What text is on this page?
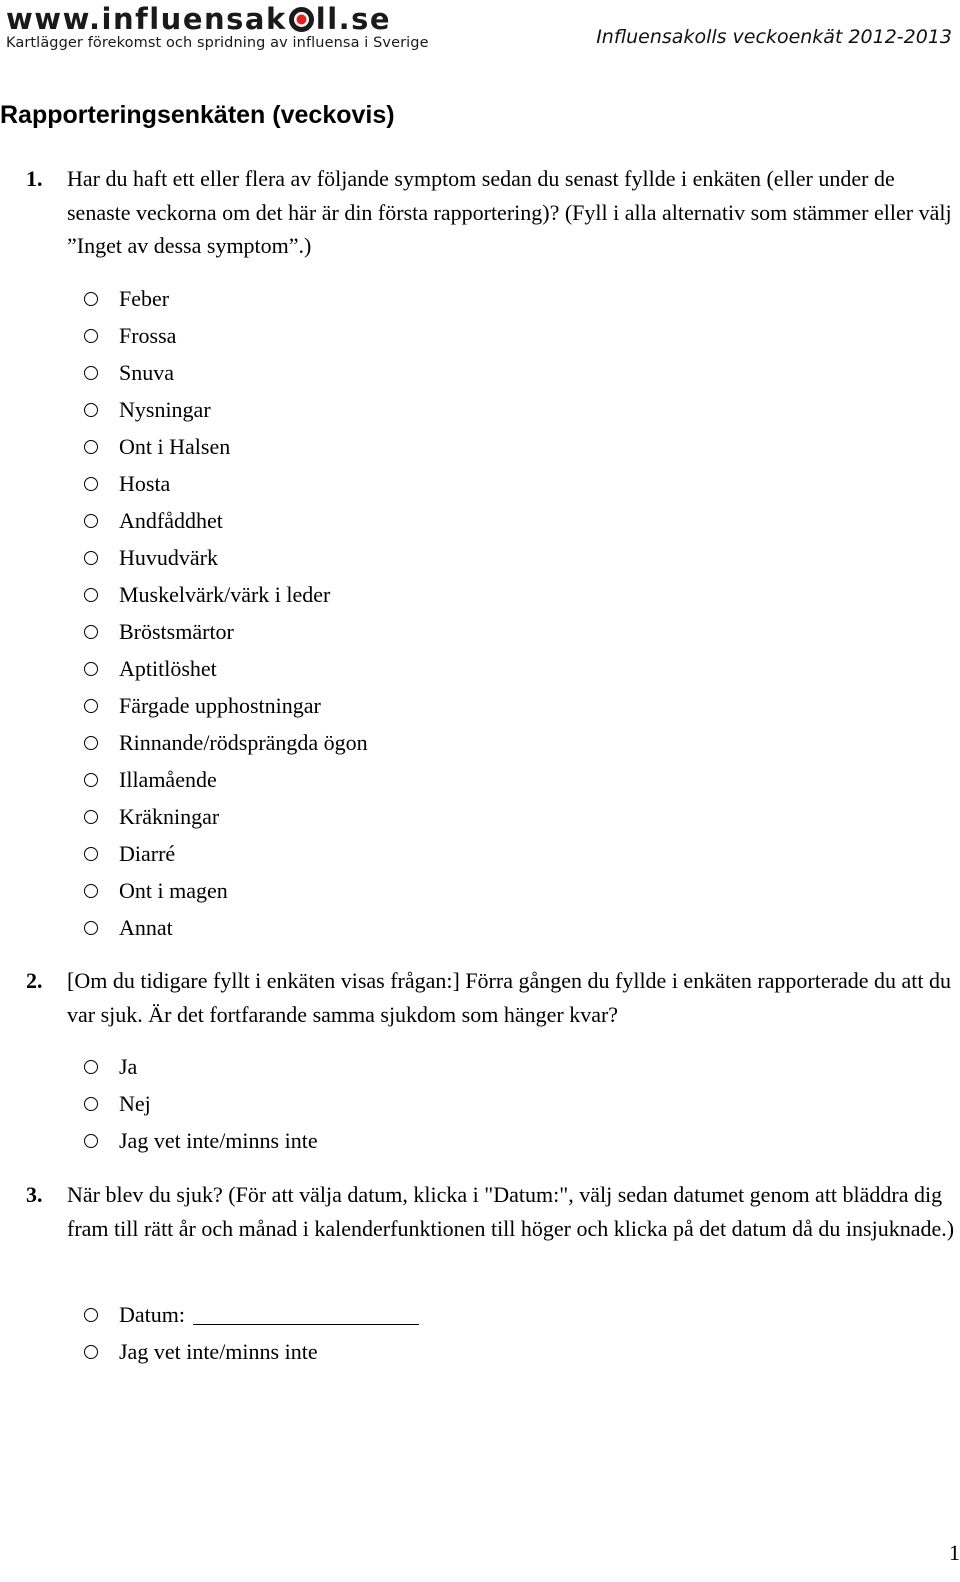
www.influensak ll.se
Kartlägger förekomst och spridning av influensa i Sverige	Influensakolls veckoenkät 2012-2013
Rapporteringsenkäten (veckovis)
1. Har du haft ett eller flera av följande symptom sedan du senast fyllde i enkäten (eller under de senaste veckorna om det här är din första rapportering)? (Fyll i alla alternativ som stämmer eller välj ”Inget av dessa symptom”.)
Feber
Frossa
Snuva
Nysningar
Ont i Halsen
Hosta
Andfåddhet
Huvudvärk
Muskelvärk/värk i leder
Bröstsmärtor
Aptitlöshet
Färgade upphostningar
Rinnande/rödsprängda ögon
Illamående
Kräkningar
Diarré
Ont i magen
Annat
2. [Om du tidigare fyllt i enkäten visas frågan:] Förra gången du fyllde i enkäten rapporterade du att du var sjuk. Är det fortfarande samma sjukdom som hänger kvar?
Ja
Nej
Jag vet inte/minns inte
3. När blev du sjuk? (För att välja datum, klicka i "Datum:", välj sedan datumet genom att bläddra dig fram till rätt år och månad i kalenderfunktionen till höger och klicka på det datum då du insjuknade.)
Datum:
Jag vet inte/minns inte
1
